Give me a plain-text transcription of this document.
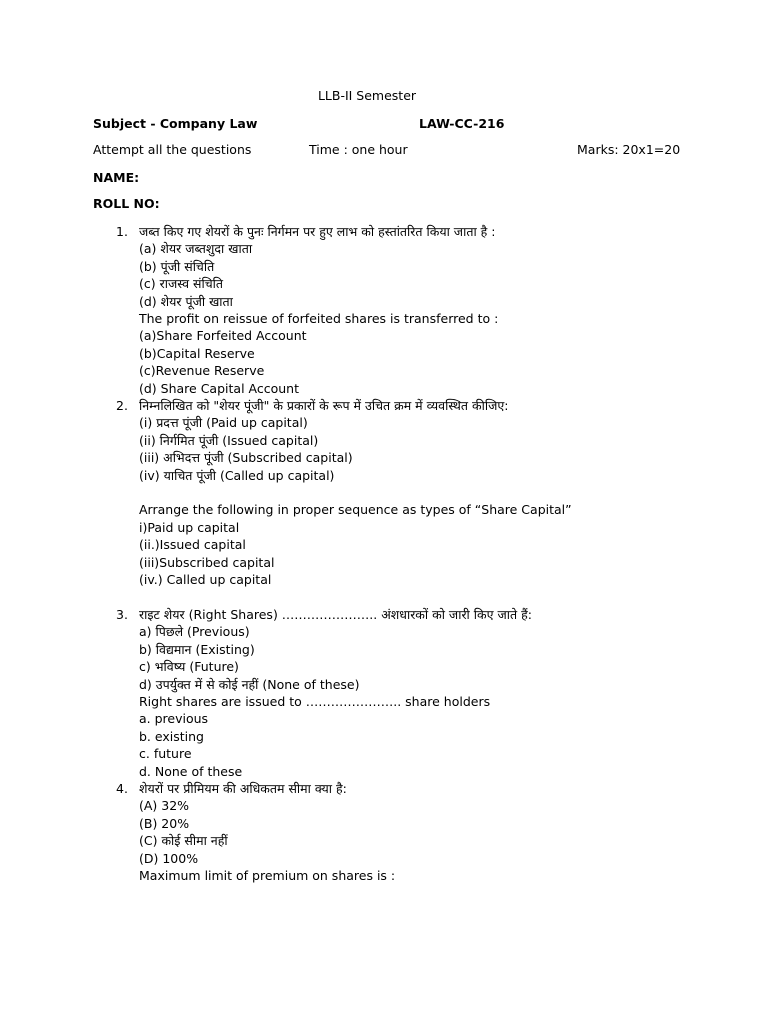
LLB-II Semester
Subject - Company Law	LAW-CC-216
Attempt all the questions	Time : one hour	Marks: 20x1=20
NAME:
ROLL NO:
1. जब्त किए गए शेयरों के पुनः निर्गमन पर हुए लाभ को हस्तांतरित किया जाता है :
(a) शेयर जब्तशुदा खाता
(b) पूंजी संचिति
(c) राजस्व संचिति
(d) शेयर पूंजी खाता
The profit on reissue of forfeited shares is transferred to :
(a)Share Forfeited Account
(b)Capital Reserve
(c)Revenue Reserve
(d) Share Capital Account
2. निम्नलिखित को "शेयर पूंजी" के प्रकारों के रूप में उचित क्रम में व्यवस्थित कीजिए:
(i) प्रदत्त पूंजी (Paid up capital)
(ii) निर्गमित पूंजी (Issued capital)
(iii) अभिदत्त पूंजी (Subscribed capital)
(iv) याचित पूंजी (Called up capital)
Arrange the following in proper sequence as types of “Share Capital”
i)Paid up capital
(ii.)Issued capital
(iii)Subscribed capital
(iv.) Called up capital
3. राइट शेयर (Right Shares) ………………….. अंशधारकों को जारी किए जाते हैं:
a) पिछले (Previous)
b) विद्यमान (Existing)
c) भविष्य (Future)
d) उपर्युक्त में से कोई नहीं (None of these)
Right shares are issued to ………………….. share holders
a. previous
b. existing
c. future
d. None of these
4. शेयरों पर प्रीमियम की अधिकतम सीमा क्या है:
(A) 32%
(B) 20%
(C) कोई सीमा नहीं
(D) 100%
Maximum limit of premium on shares is :
